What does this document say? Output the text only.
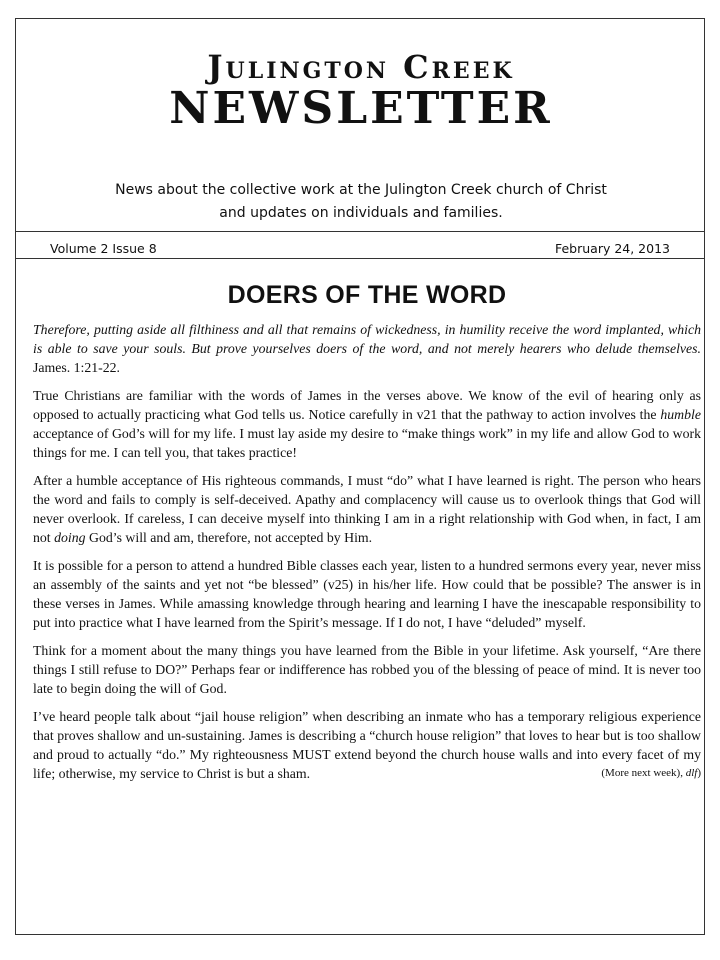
Julington Creek
NEWSLETTER
News about the collective work at the Julington Creek church of Christ
and updates on individuals and families.
Volume 2 Issue 8	February 24, 2013
DOERS OF THE WORD

Therefore, putting aside all filthiness and all that remains of wickedness, in humility receive the word implanted, which is able to save your souls. But prove yourselves doers of the word, and not merely hearers who delude themselves. James. 1:21-22.

True Christians are familiar with the words of James in the verses above. We know of the evil of hearing only as opposed to actually practicing what God tells us. Notice carefully in v21 that the pathway to action involves the humble acceptance of God’s will for my life. I must lay aside my desire to “make things work” in my life and allow God to work things for me. I can tell you, that takes practice!

After a humble acceptance of His righteous commands, I must “do” what I have learned is right. The person who hears the word and fails to comply is self-deceived. Apathy and complacency will cause us to overlook things that God will never overlook. If careless, I can deceive myself into thinking I am in a right relationship with God when, in fact, I am not doing God’s will and am, therefore, not accepted by Him.

It is possible for a person to attend a hundred Bible classes each year, listen to a hundred sermons every year, never miss an assembly of the saints and yet not “be blessed” (v25) in his/her life. How could that be possible? The answer is in these verses in James. While amassing knowledge through hearing and learning I have the inescapable responsibility to put into practice what I have learned from the Spirit’s message. If I do not, I have “deluded” myself.

Think for a moment about the many things you have learned from the Bible in your lifetime. Ask yourself, “Are there things I still refuse to DO?” Perhaps fear or indifference has robbed you of the blessing of peace of mind. It is never too late to begin doing the will of God.

I’ve heard people talk about “jail house religion” when describing an inmate who has a temporary religious experience that proves shallow and un-sustaining. James is describing a “church house religion” that loves to hear but is too shallow and proud to actually “do.” My righteousness MUST extend beyond the church house walls and into every facet of my life; otherwise, my service to Christ is but a sham.	(More next week), dlf)
